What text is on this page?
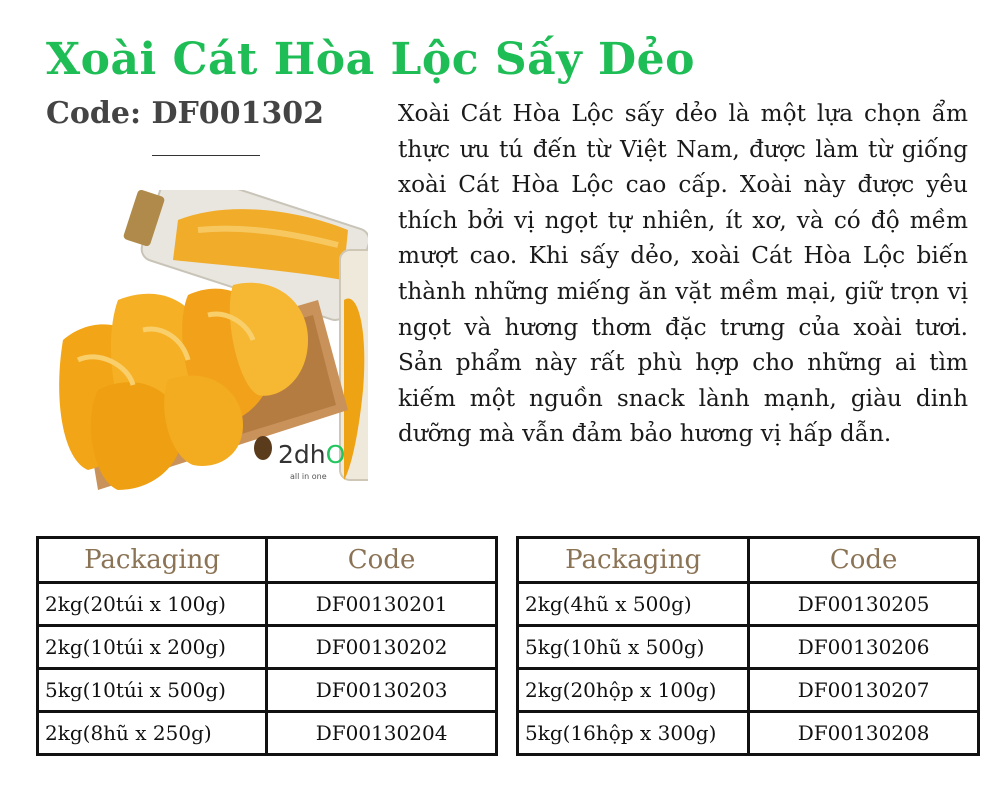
Xoài Cát Hòa Lộc Sấy Dẻo
Code: DF001302
2dhO
all in one
Xoài Cát Hòa Lộc sấy dẻo là một lựa chọn ẩm thực ưu tú đến từ Việt Nam, được làm từ giống xoài Cát Hòa Lộc cao cấp. Xoài này được yêu thích bởi vị ngọt tự nhiên, ít xơ, và có độ mềm mượt cao. Khi sấy dẻo, xoài Cát Hòa Lộc biến thành những miếng ăn vặt mềm mại, giữ trọn vị ngọt và hương thơm đặc trưng của xoài tươi. Sản phẩm này rất phù hợp cho những ai tìm kiếm một nguồn snack lành mạnh, giàu dinh dưỡng mà vẫn đảm bảo hương vị hấp dẫn.
Packaging	Code
2kg(20túi x 100g)	DF00130201
2kg(10túi x 200g)	DF00130202
5kg(10túi x 500g)	DF00130203
2kg(8hũ x 250g)	DF00130204
Packaging	Code
2kg(4hũ x 500g)	DF00130205
5kg(10hũ x 500g)	DF00130206
2kg(20hộp x 100g)	DF00130207
5kg(16hộp x 300g)	DF00130208
